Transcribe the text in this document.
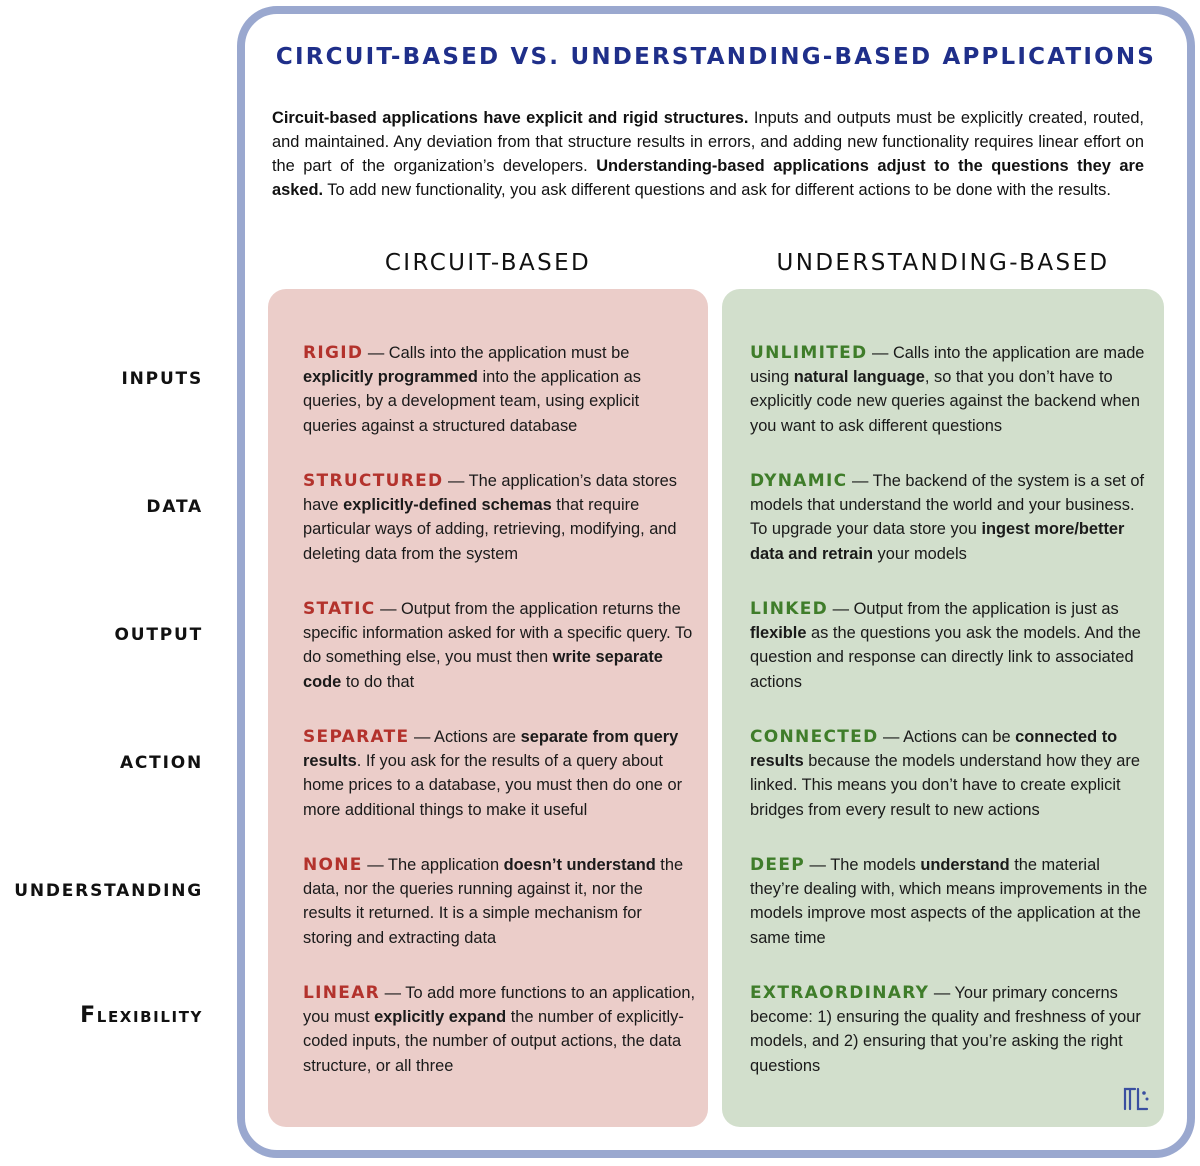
CIRCUIT-BASED VS. UNDERSTANDING-BASED APPLICATIONS

Circuit-based applications have explicit and rigid structures. Inputs and outputs must be explicitly created, routed, and maintained. Any deviation from that structure results in errors, and adding new functionality requires linear effort on the part of the organization’s developers. Understanding-based applications adjust to the questions they are asked. To add new functionality, you ask different questions and ask for different actions to be done with the results.

CIRCUIT-BASED	UNDERSTANDING-BASED
INPUTS
DATA
OUTPUT
ACTION
UNDERSTANDING
Flexibility
RIGID — Calls into the application must be explicitly programmed into the application as queries, by a development team, using explicit queries against a structured database
UNLIMITED — Calls into the application are made using natural language, so that you don’t have to explicitly code new queries against the backend when you want to ask different questions
STRUCTURED — The application’s data stores have explicitly-defined schemas that require particular ways of adding, retrieving, modifying, and deleting data from the system
DYNAMIC — The backend of the system is a set of models that understand the world and your business. To upgrade your data store you ingest more/better data and retrain your models
STATIC — Output from the application returns the specific information asked for with a specific query. To do something else, you must then write separate code to do that
LINKED — Output from the application is just as flexible as the questions you ask the models. And the question and response can directly link to associated actions
SEPARATE — Actions are separate from query results. If you ask for the results of a query about home prices to a database, you must then do one or more additional things to make it useful
CONNECTED — Actions can be connected to results because the models understand how they are linked. This means you don’t have to create explicit bridges from every result to new actions
NONE — The application doesn’t understand the data, nor the queries running against it, nor the results it returned. It is a simple mechanism for storing and extracting data
DEEP — The models understand the material they’re dealing with, which means improvements in the models improve most aspects of the application at the same time
LINEAR — To add more functions to an application, you must explicitly expand the number of explicitly-coded inputs, the number of output actions, the data structure, or all three
EXTRAORDINARY — Your primary concerns become: 1) ensuring the quality and freshness of your models, and 2) ensuring that you’re asking the right questions
